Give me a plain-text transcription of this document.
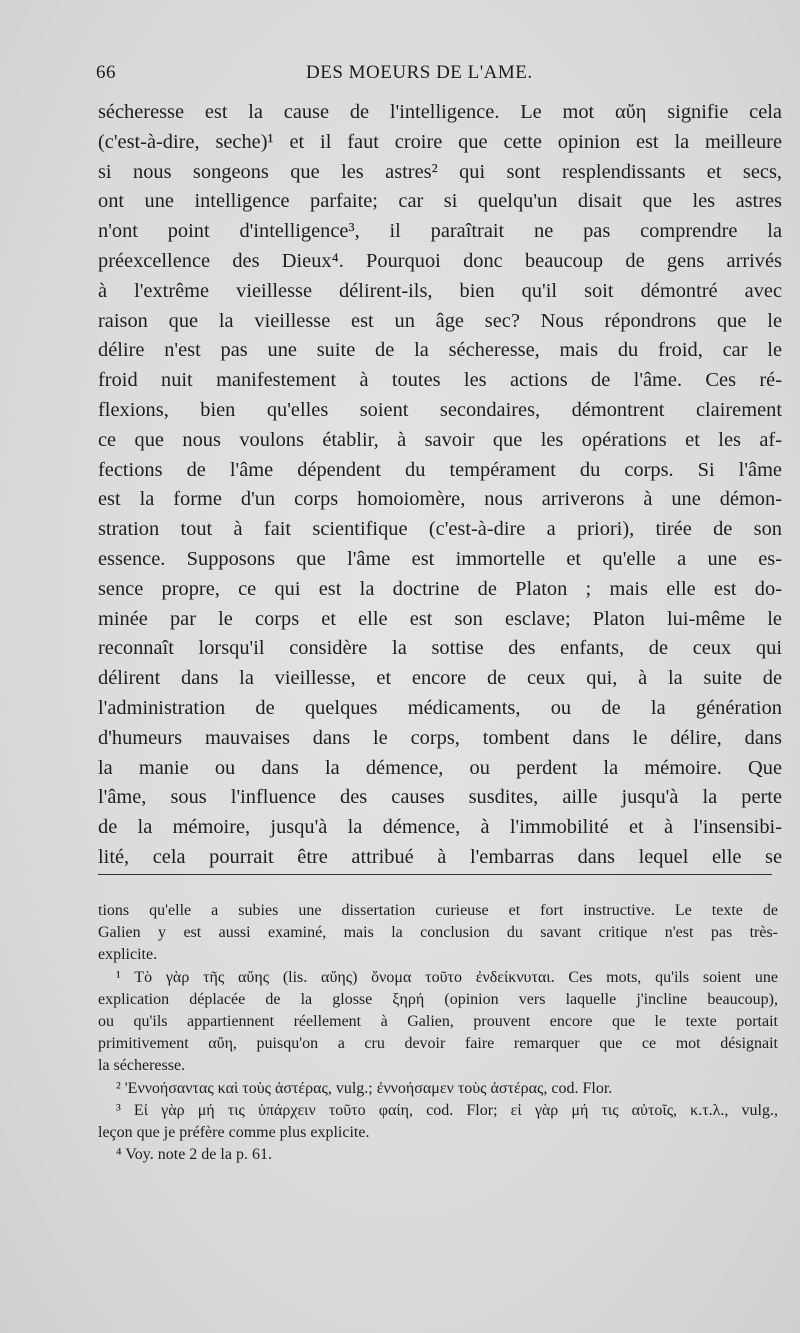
66	DES MOEURS DE L'AME.
sécheresse est la cause de l'intelligence. Le mot αὔη signifie cela
(c'est-à-dire, seche)¹ et il faut croire que cette opinion est la meilleure
si nous songeons que les astres² qui sont resplendissants et secs,
ont une intelligence parfaite; car si quelqu'un disait que les astres
n'ont point d'intelligence³, il paraîtrait ne pas comprendre la
préexcellence des Dieux⁴. Pourquoi donc beaucoup de gens arrivés
à l'extrême vieillesse délirent-ils, bien qu'il soit démontré avec
raison que la vieillesse est un âge sec? Nous répondrons que le
délire n'est pas une suite de la sécheresse, mais du froid, car le
froid nuit manifestement à toutes les actions de l'âme. Ces ré-
flexions, bien qu'elles soient secondaires, démontrent clairement
ce que nous voulons établir, à savoir que les opérations et les af-
fections de l'âme dépendent du tempérament du corps. Si l'âme
est la forme d'un corps homoiomère, nous arriverons à une démon-
stration tout à fait scientifique (c'est-à-dire a priori), tirée de son
essence. Supposons que l'âme est immortelle et qu'elle a une es-
sence propre, ce qui est la doctrine de Platon ; mais elle est do-
minée par le corps et elle est son esclave; Platon lui-même le
reconnaît lorsqu'il considère la sottise des enfants, de ceux qui
délirent dans la vieillesse, et encore de ceux qui, à la suite de
l'administration de quelques médicaments, ou de la génération
d'humeurs mauvaises dans le corps, tombent dans le délire, dans
la manie ou dans la démence, ou perdent la mémoire. Que
l'âme, sous l'influence des causes susdites, aille jusqu'à la perte
de la mémoire, jusqu'à la démence, à l'immobilité et à l'insensibi-
lité, cela pourrait être attribué à l'embarras dans lequel elle se
tions qu'elle a subies une dissertation curieuse et fort instructive. Le texte de
Galien y est aussi examiné, mais la conclusion du savant critique n'est pas très-
explicite.
¹ Τὸ γὰρ τῆς αὔης (lis. αὔης) ὄνομα τοῦτο ἐνδείκνυται. Ces mots, qu'ils soient une
explication déplacée de la glosse ξηρή (opinion vers laquelle j'incline beaucoup),
ou qu'ils appartiennent réellement à Galien, prouvent encore que le texte portait
primitivement αὔη, puisqu'on a cru devoir faire remarquer que ce mot désignait
la sécheresse.
² 'Εννοήσαντας καὶ τοὺς ἀστέρας, vulg.; ἐννοήσαμεν τοὺς ἀστέρας, cod. Flor.
³ Εἰ γὰρ μή τις ὑπάρχειν τοῦτο φαίη, cod. Flor; εἰ γὰρ μή τις αὐτοῖς, κ.τ.λ., vulg.,
leçon que je préfère comme plus explicite.
⁴ Voy. note 2 de la p. 61.
